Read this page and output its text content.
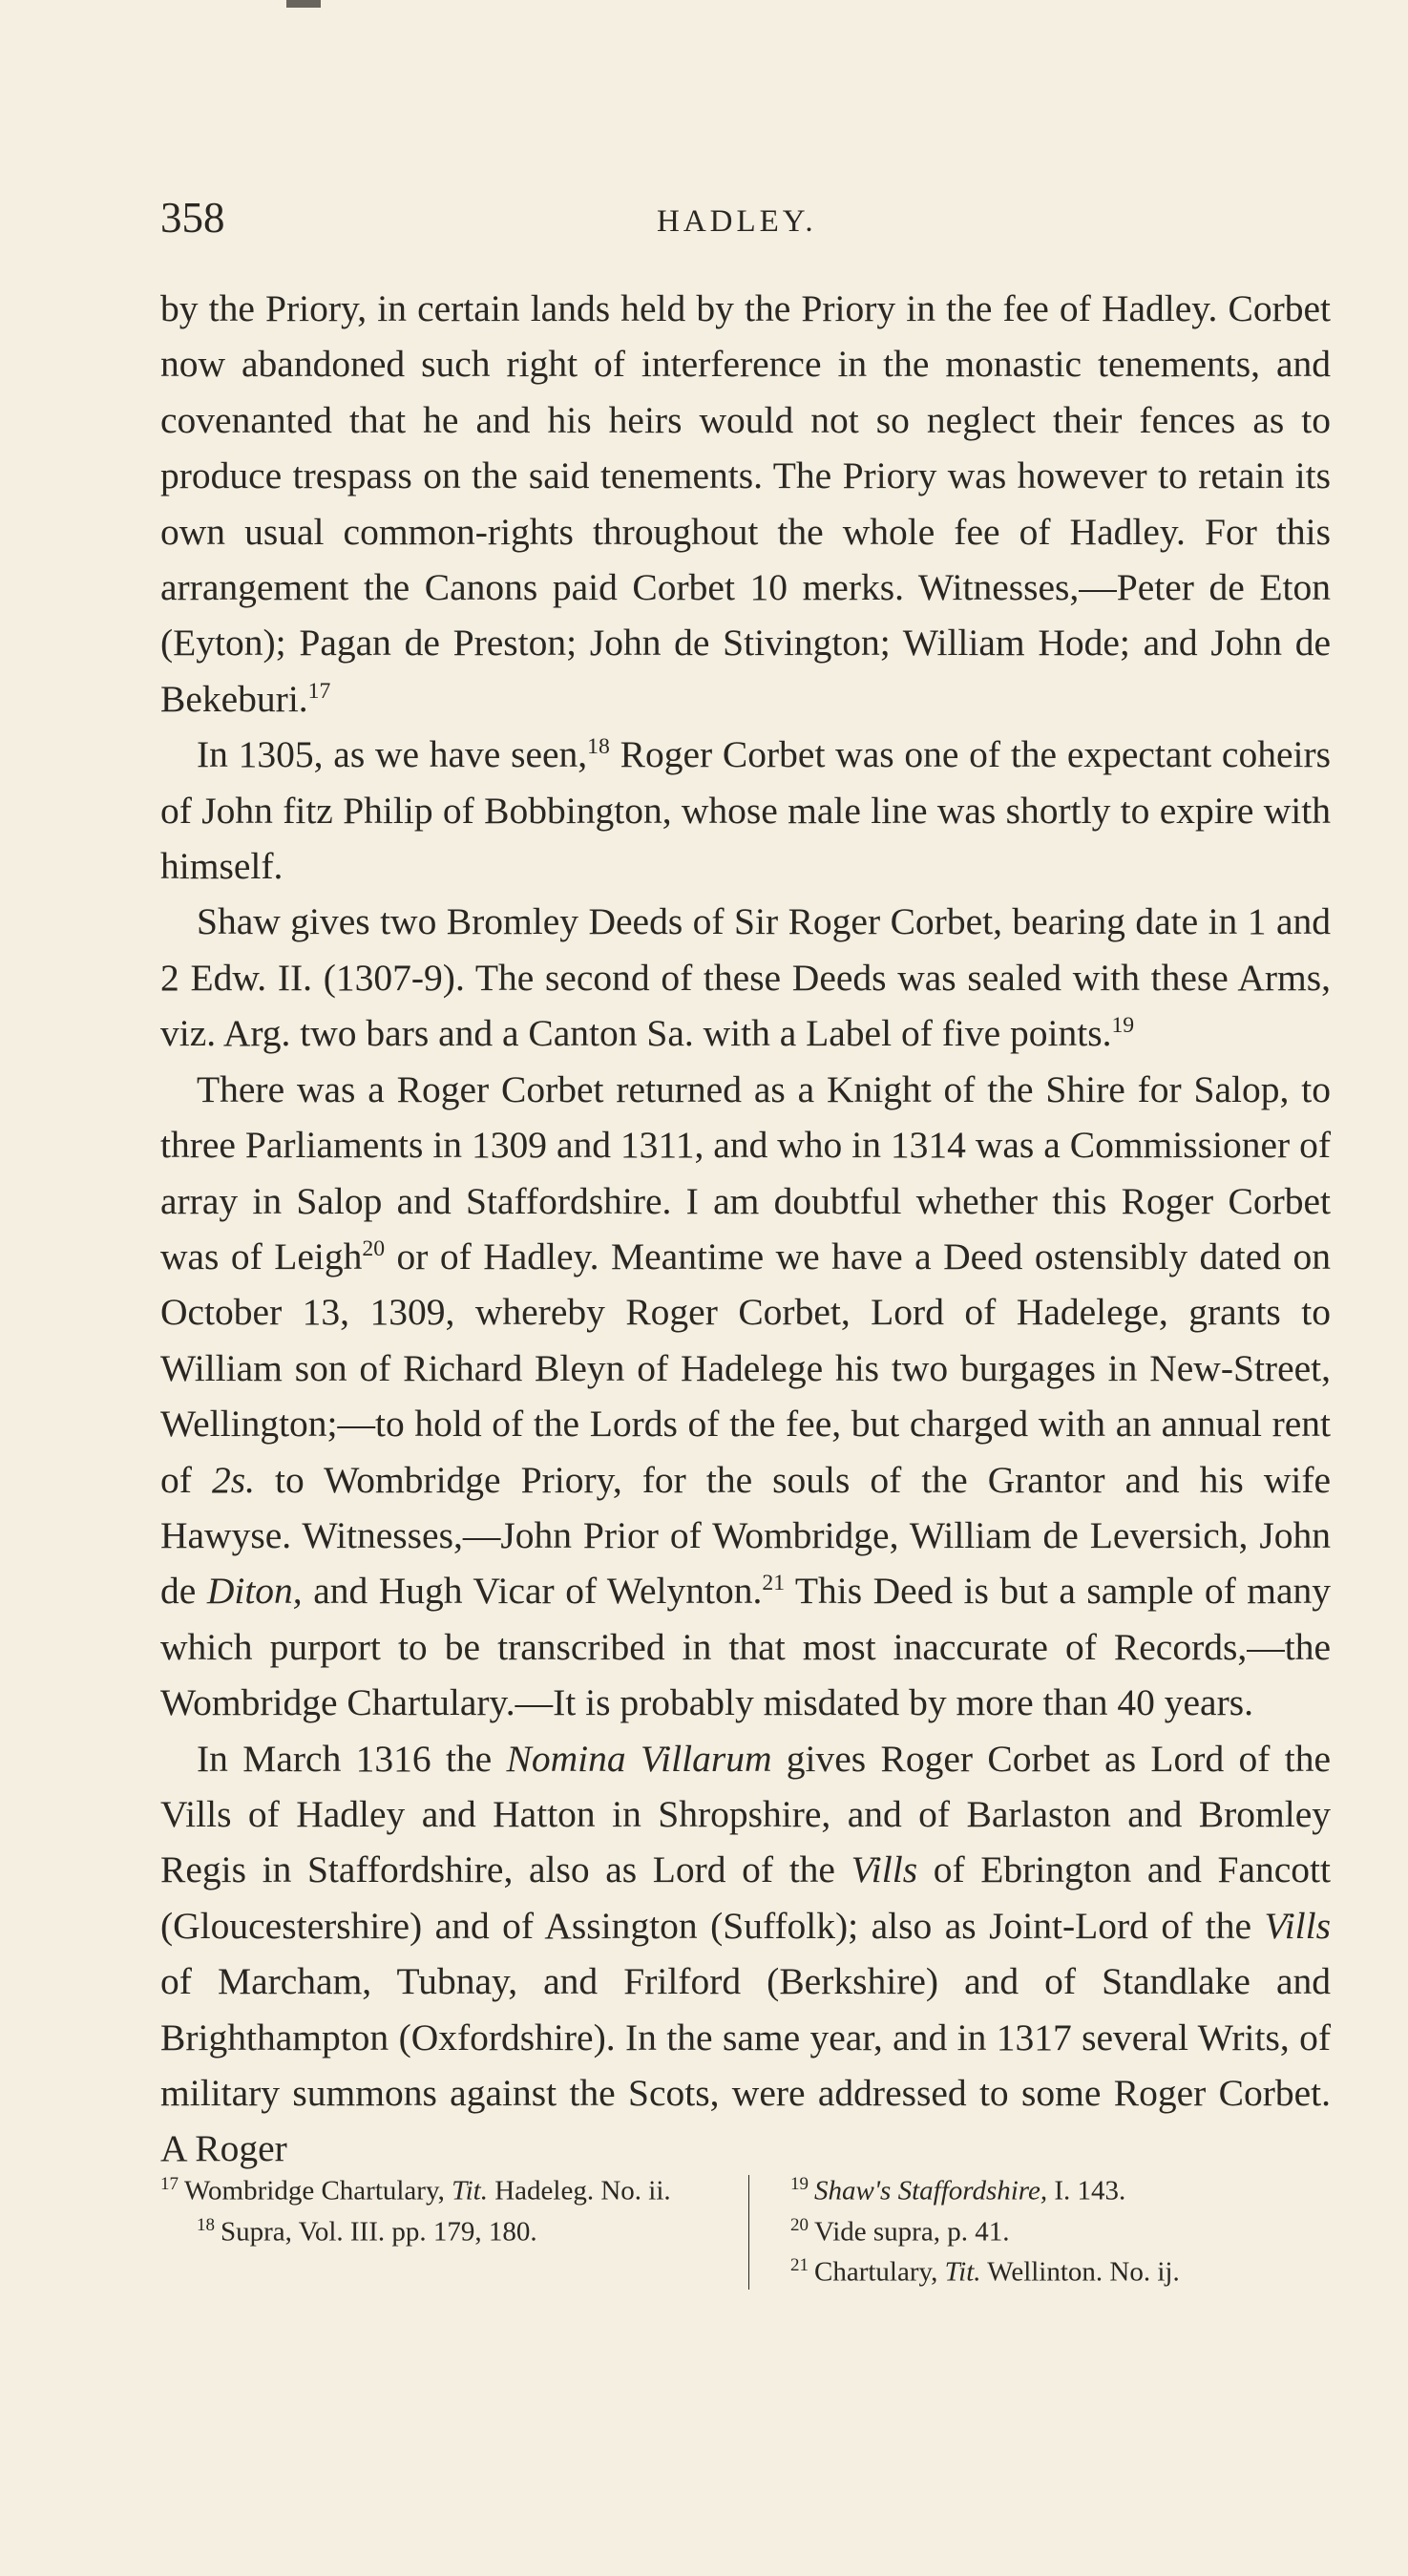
358	HADLEY.

by the Priory, in certain lands held by the Priory in the fee of Hadley. Corbet now abandoned such right of interference in the monastic tenements, and covenanted that he and his heirs would not so neglect their fences as to produce trespass on the said tenements. The Priory was however to retain its own usual common-rights throughout the whole fee of Hadley. For this arrangement the Canons paid Corbet 10 merks. Witnesses,—Peter de Eton (Eyton); Pagan de Preston; John de Stivington; William Hode; and John de Bekeburi.$^{17}$

In 1305, as we have seen,$^{18}$ Roger Corbet was one of the expectant coheirs of John fitz Philip of Bobbington, whose male line was shortly to expire with himself.

Shaw gives two Bromley Deeds of Sir Roger Corbet, bearing date in 1 and 2 Edw. II. (1307-9). The second of these Deeds was sealed with these Arms, viz. Arg. two bars and a Canton Sa. with a Label of five points.$^{19}$

There was a Roger Corbet returned as a Knight of the Shire for Salop, to three Parliaments in 1309 and 1311, and who in 1314 was a Commissioner of array in Salop and Staffordshire. I am doubtful whether this Roger Corbet was of Leigh$^{20}$ or of Hadley. Meantime we have a Deed ostensibly dated on October 13, 1309, whereby Roger Corbet, Lord of Hadelege, grants to William son of Richard Bleyn of Hadelege his two burgages in New-Street, Wellington;—to hold of the Lords of the fee, but charged with an annual rent of 2s. to Wombridge Priory, for the souls of the Grantor and his wife Hawyse. Witnesses,—John Prior of Wombridge, William de Leversich, John de Diton, and Hugh Vicar of Welynton.$^{21}$ This Deed is but a sample of many which purport to be transcribed in that most inaccurate of Records,—the Wombridge Chartulary.—It is probably misdated by more than 40 years.

In March 1316 the Nomina Villarum gives Roger Corbet as Lord of the Vills of Hadley and Hatton in Shropshire, and of Barlaston and Bromley Regis in Staffordshire, also as Lord of the Vills of Ebrington and Fancott (Gloucestershire) and of Assington (Suffolk); also as Joint-Lord of the Vills of Marcham, Tubnay, and Frilford (Berkshire) and of Standlake and Brighthampton (Oxfordshire). In the same year, and in 1317 several Writs, of military summons against the Scots, were addressed to some Roger Corbet. A Roger

$^{17}$ Wombridge Chartulary, Tit. Hadeleg. No. ii.

$^{18}$ Supra, Vol. III. pp. 179, 180.

$^{19}$ Shaw's Staffordshire, I. 143.

$^{20}$ Vide supra, p. 41.

$^{21}$ Chartulary, Tit. Wellinton. No. ij.
